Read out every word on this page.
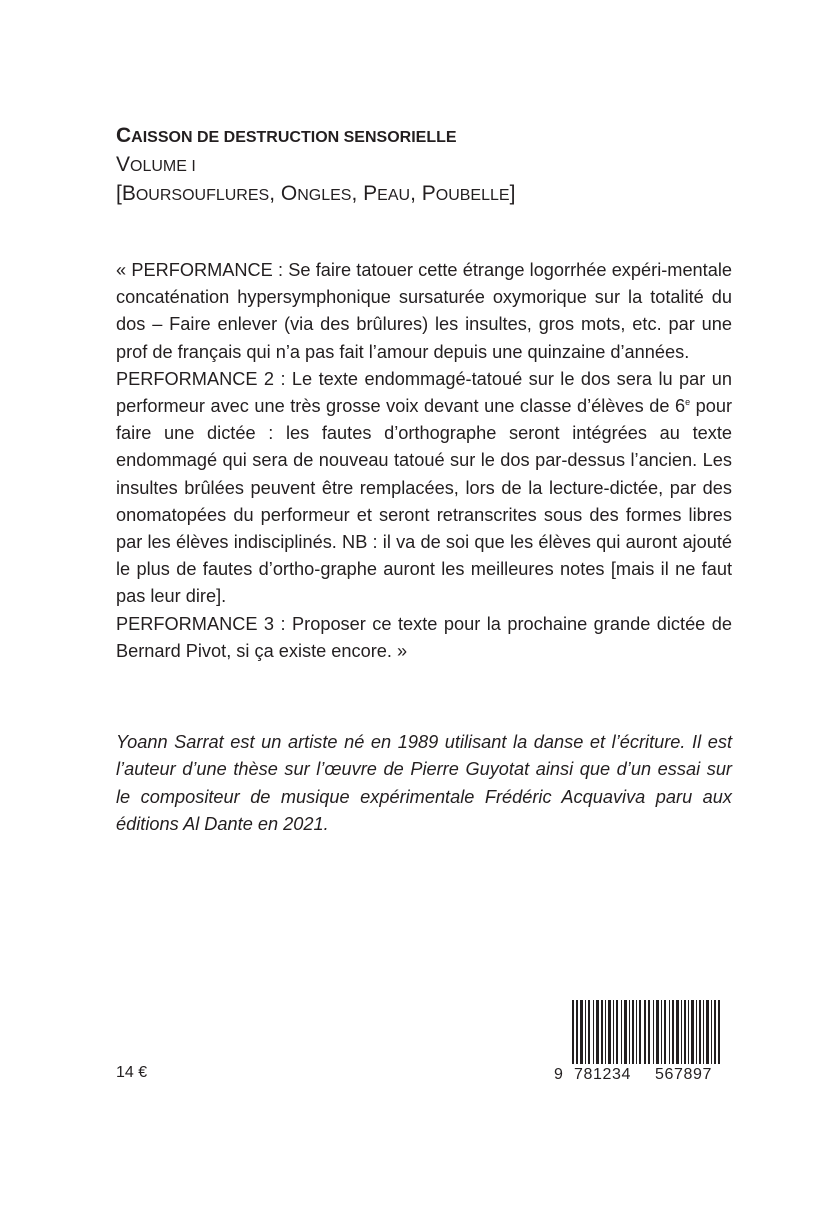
CAISSON DE DESTRUCTION SENSORIELLE
VOLUME I
[BOURSOUFLURES, ONGLES, PEAU, POUBELLE]

« PERFORMANCE : Se faire tatouer cette étrange logorrhée expéri-mentale concaténation hypersymphonique sursaturée oxymorique sur la totalité du dos – Faire enlever (via des brûlures) les insultes, gros mots, etc. par une prof de français qui n’a pas fait l’amour depuis une quinzaine d’années.

PERFORMANCE 2 : Le texte endommagé-tatoué sur le dos sera lu par un performeur avec une très grosse voix devant une classe d’élèves de 6e pour faire une dictée : les fautes d’orthographe seront intégrées au texte endommagé qui sera de nouveau tatoué sur le dos par-dessus l’ancien. Les insultes brûlées peuvent être remplacées, lors de la lecture-dictée, par des onomatopées du performeur et seront retranscrites sous des formes libres par les élèves indisciplinés. NB : il va de soi que les élèves qui auront ajouté le plus de fautes d’ortho-graphe auront les meilleures notes [mais il ne faut pas leur dire].

PERFORMANCE 3 : Proposer ce texte pour la prochaine grande dictée de Bernard Pivot, si ça existe encore. »

Yoann Sarrat est un artiste né en 1989 utilisant la danse et l’écriture. Il est l’auteur d’une thèse sur l’œuvre de Pierre Guyotat ainsi que d’un essai sur le compositeur de musique expérimentale Frédéric Acquaviva paru aux éditions Al Dante en 2021.

14 €	9 781234 567897
